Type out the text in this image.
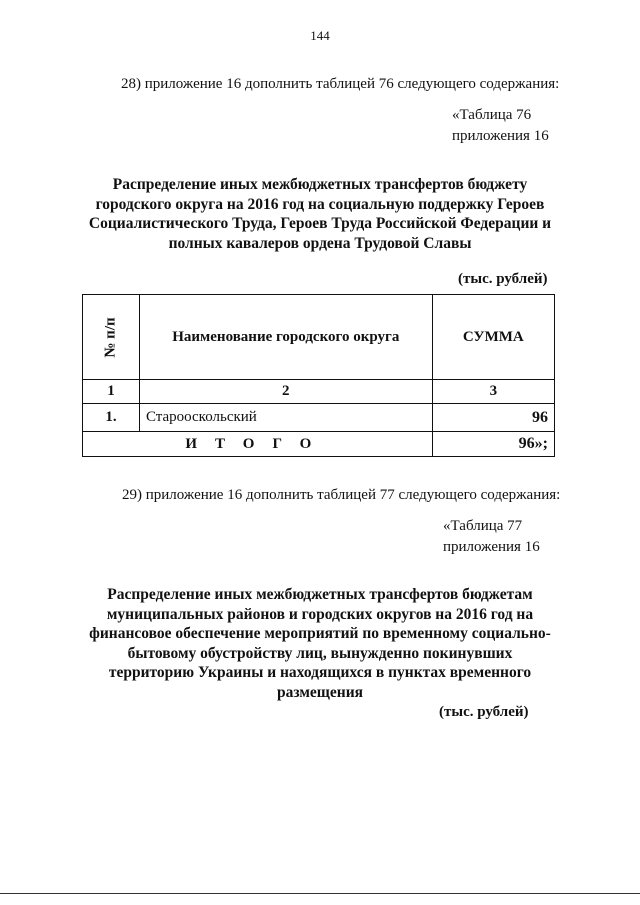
144
28) приложение 16 дополнить таблицей 76 следующего содержания:
«Таблица 76
приложения 16
Распределение иных межбюджетных трансфертов бюджету
городского округа на 2016 год на социальную поддержку Героев
Социалистического Труда, Героев Труда Российской Федерации и
полных кавалеров ордена Трудовой Славы
(тыс. рублей)
№ п/п	Наименование городского округа	СУММА
1	2	3
1.	Старооскольский	96
ИТОГО		96»;
29) приложение 16 дополнить таблицей 77 следующего содержания:
«Таблица 77
приложения 16
Распределение иных межбюджетных трансфертов бюджетам
муниципальных районов и городских округов на 2016 год на
финансовое обеспечение мероприятий по временному социально-
бытовому обустройству лиц, вынужденно покинувших
территорию Украины и находящихся в пунктах временного
размещения
(тыс. рублей)
